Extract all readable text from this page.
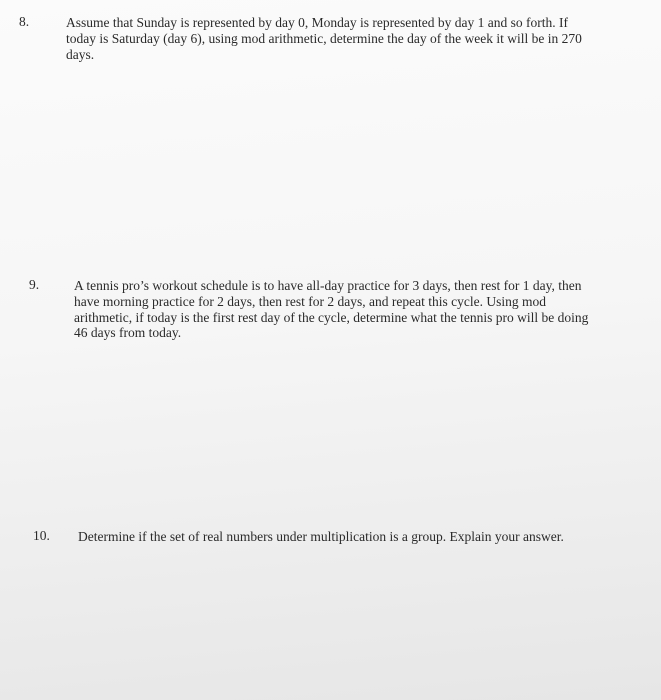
8.	Assume that Sunday is represented by day 0, Monday is represented by day 1 and so forth. If
today is Saturday (day 6), using mod arithmetic, determine the day of the week it will be in 270
days.
9.	A tennis pro’s workout schedule is to have all-day practice for 3 days, then rest for 1 day, then
have morning practice for 2 days, then rest for 2 days, and repeat this cycle. Using mod
arithmetic, if today is the first rest day of the cycle, determine what the tennis pro will be doing
46 days from today.
10. Determine if the set of real numbers under multiplication is a group. Explain your answer.
